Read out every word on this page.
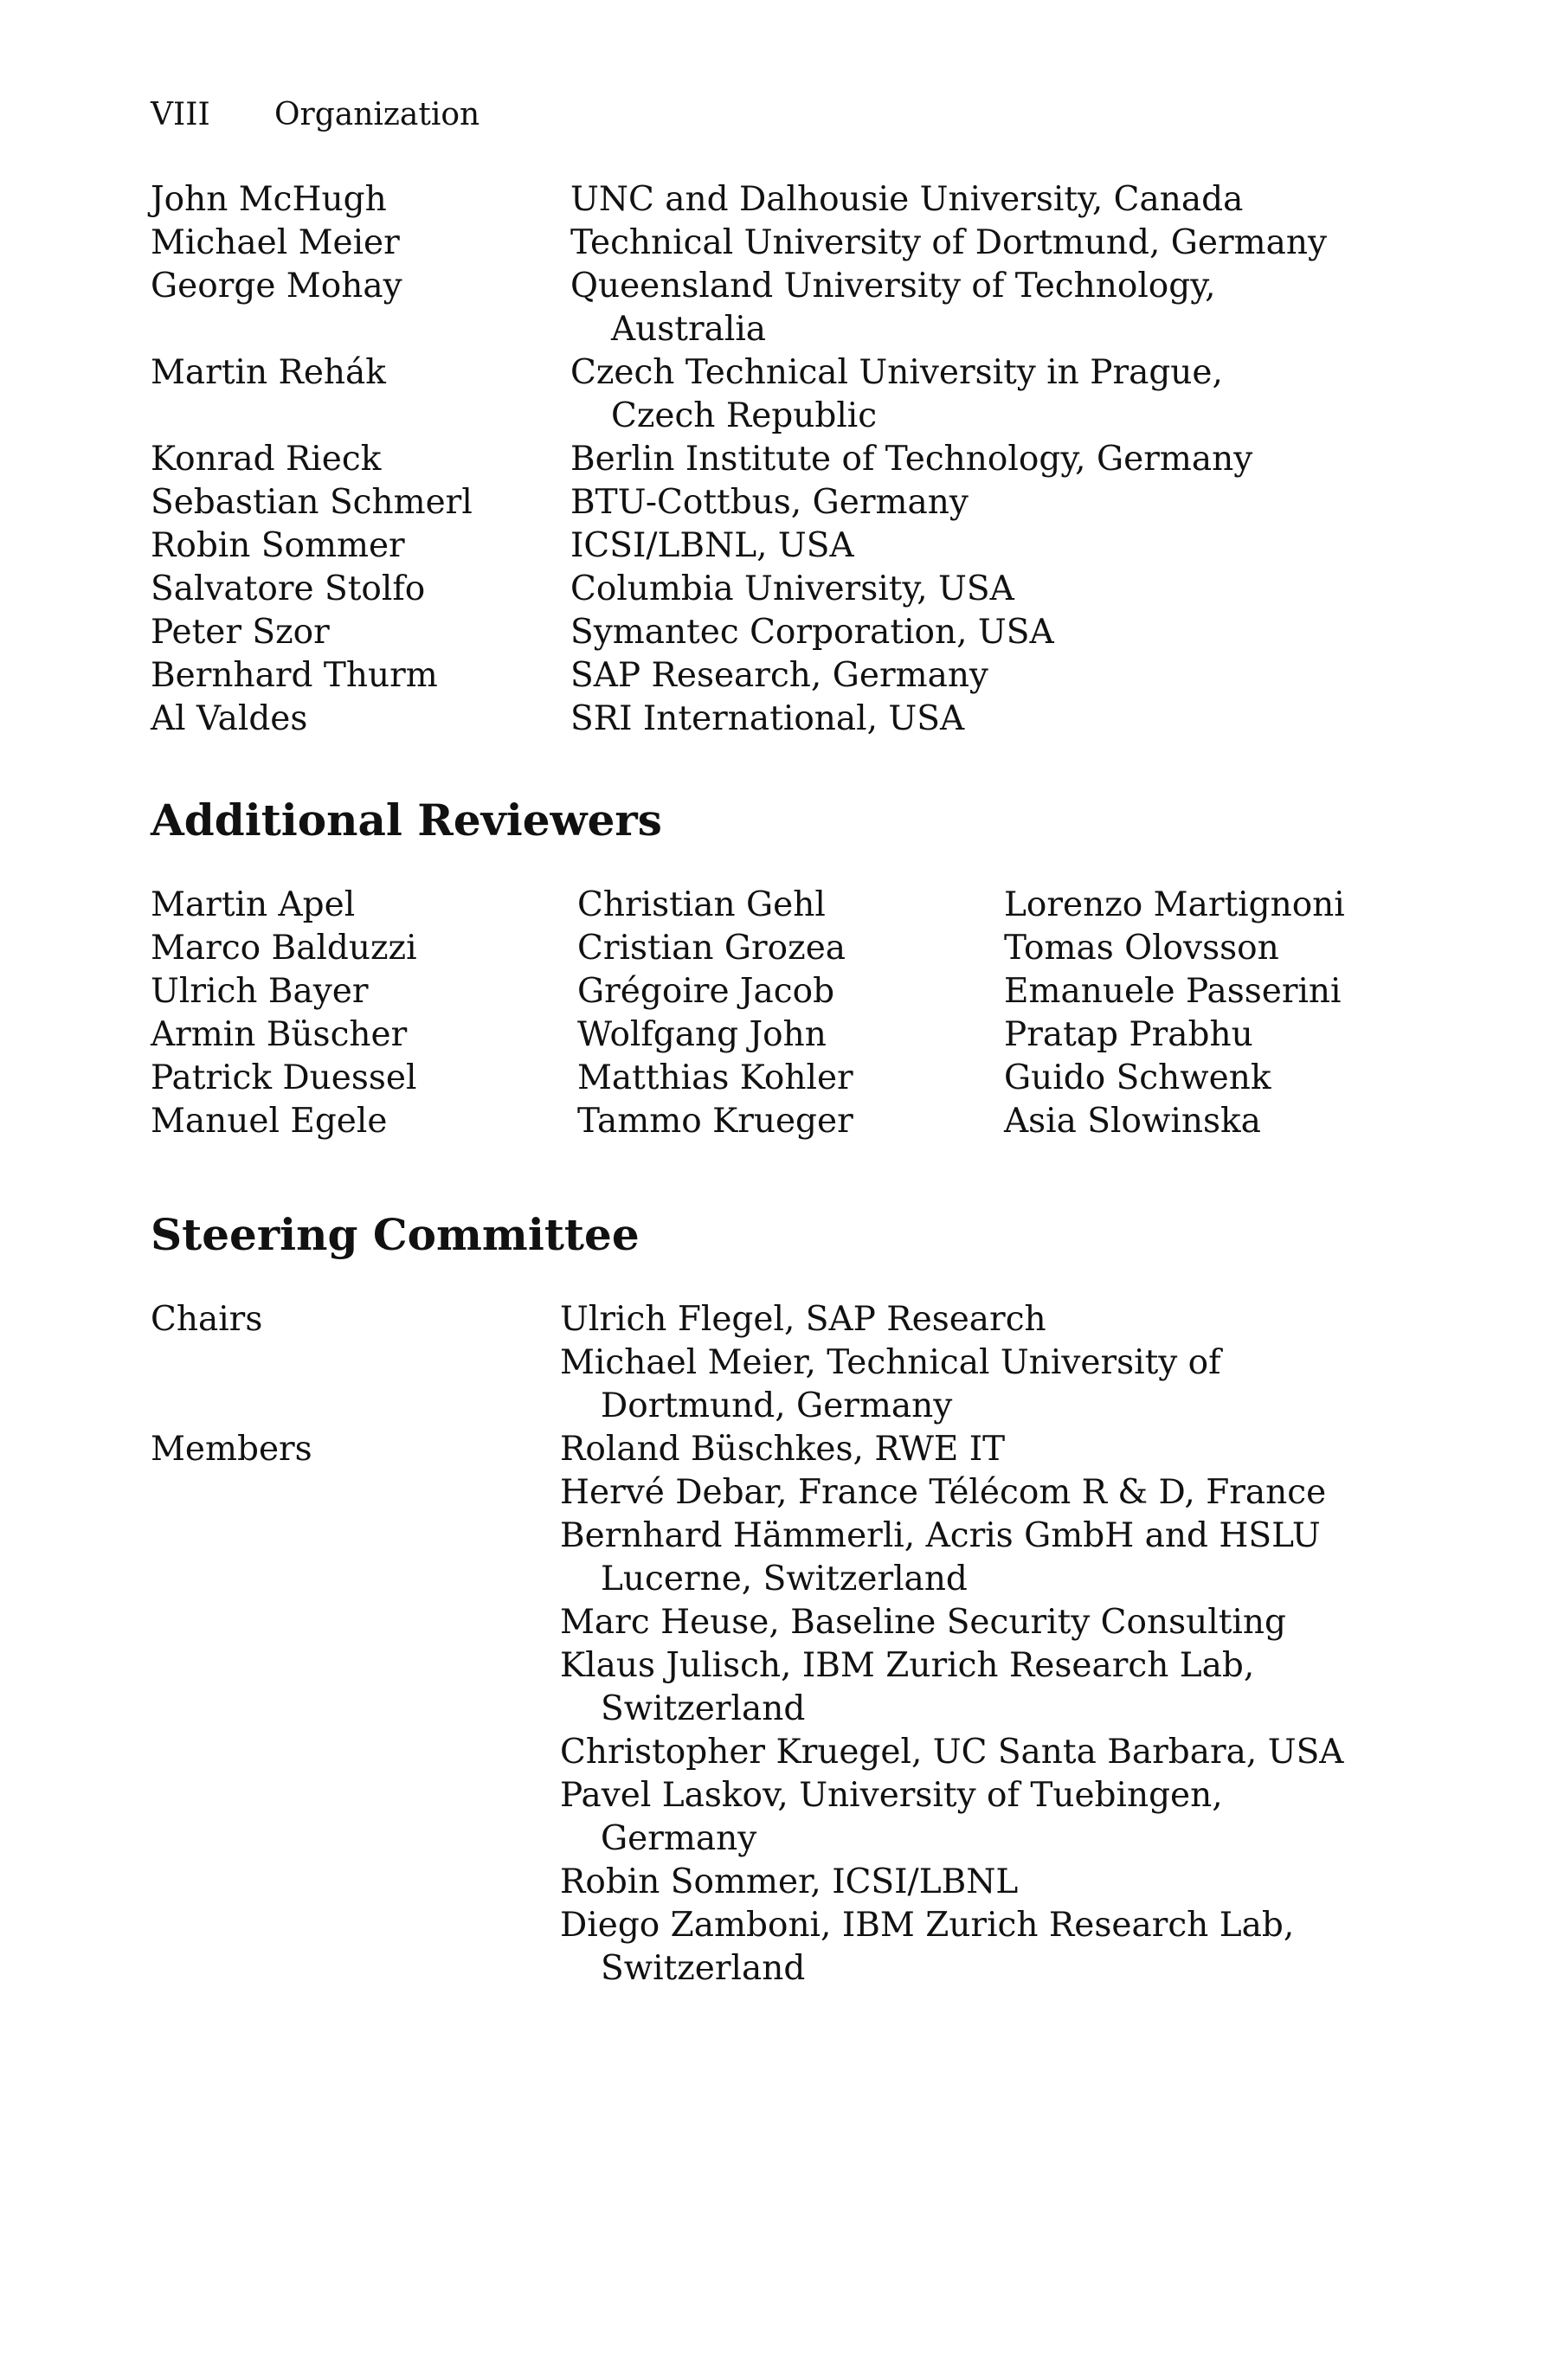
VIII Organization
John McHugh
Michael Meier
George Mohay

Martin Rehák

Konrad Rieck
Sebastian Schmerl
Robin Sommer
Salvatore Stolfo
Peter Szor
Bernhard Thurm
Al Valdes
UNC and Dalhousie University, Canada
Technical University of Dortmund, Germany
Queensland University of Technology,
Australia
Czech Technical University in Prague,
Czech Republic
Berlin Institute of Technology, Germany
BTU-Cottbus, Germany
ICSI/LBNL, USA
Columbia University, USA
Symantec Corporation, USA
SAP Research, Germany
SRI International, USA
Additional Reviewers
Martin Apel
Marco Balduzzi
Ulrich Bayer
Armin Büscher
Patrick Duessel
Manuel Egele
Christian Gehl
Cristian Grozea
Grégoire Jacob
Wolfgang John
Matthias Kohler
Tammo Krueger
Lorenzo Martignoni
Tomas Olovsson
Emanuele Passerini
Pratap Prabhu
Guido Schwenk
Asia Slowinska
Steering Committee
Chairs

Members
Ulrich Flegel, SAP Research
Michael Meier, Technical University of
Dortmund, Germany
Roland Büschkes, RWE IT
Hervé Debar, France Télécom R & D, France
Bernhard Hämmerli, Acris GmbH and HSLU
Lucerne, Switzerland
Marc Heuse, Baseline Security Consulting
Klaus Julisch, IBM Zurich Research Lab,
Switzerland
Christopher Kruegel, UC Santa Barbara, USA
Pavel Laskov, University of Tuebingen,
Germany
Robin Sommer, ICSI/LBNL
Diego Zamboni, IBM Zurich Research Lab,
Switzerland
